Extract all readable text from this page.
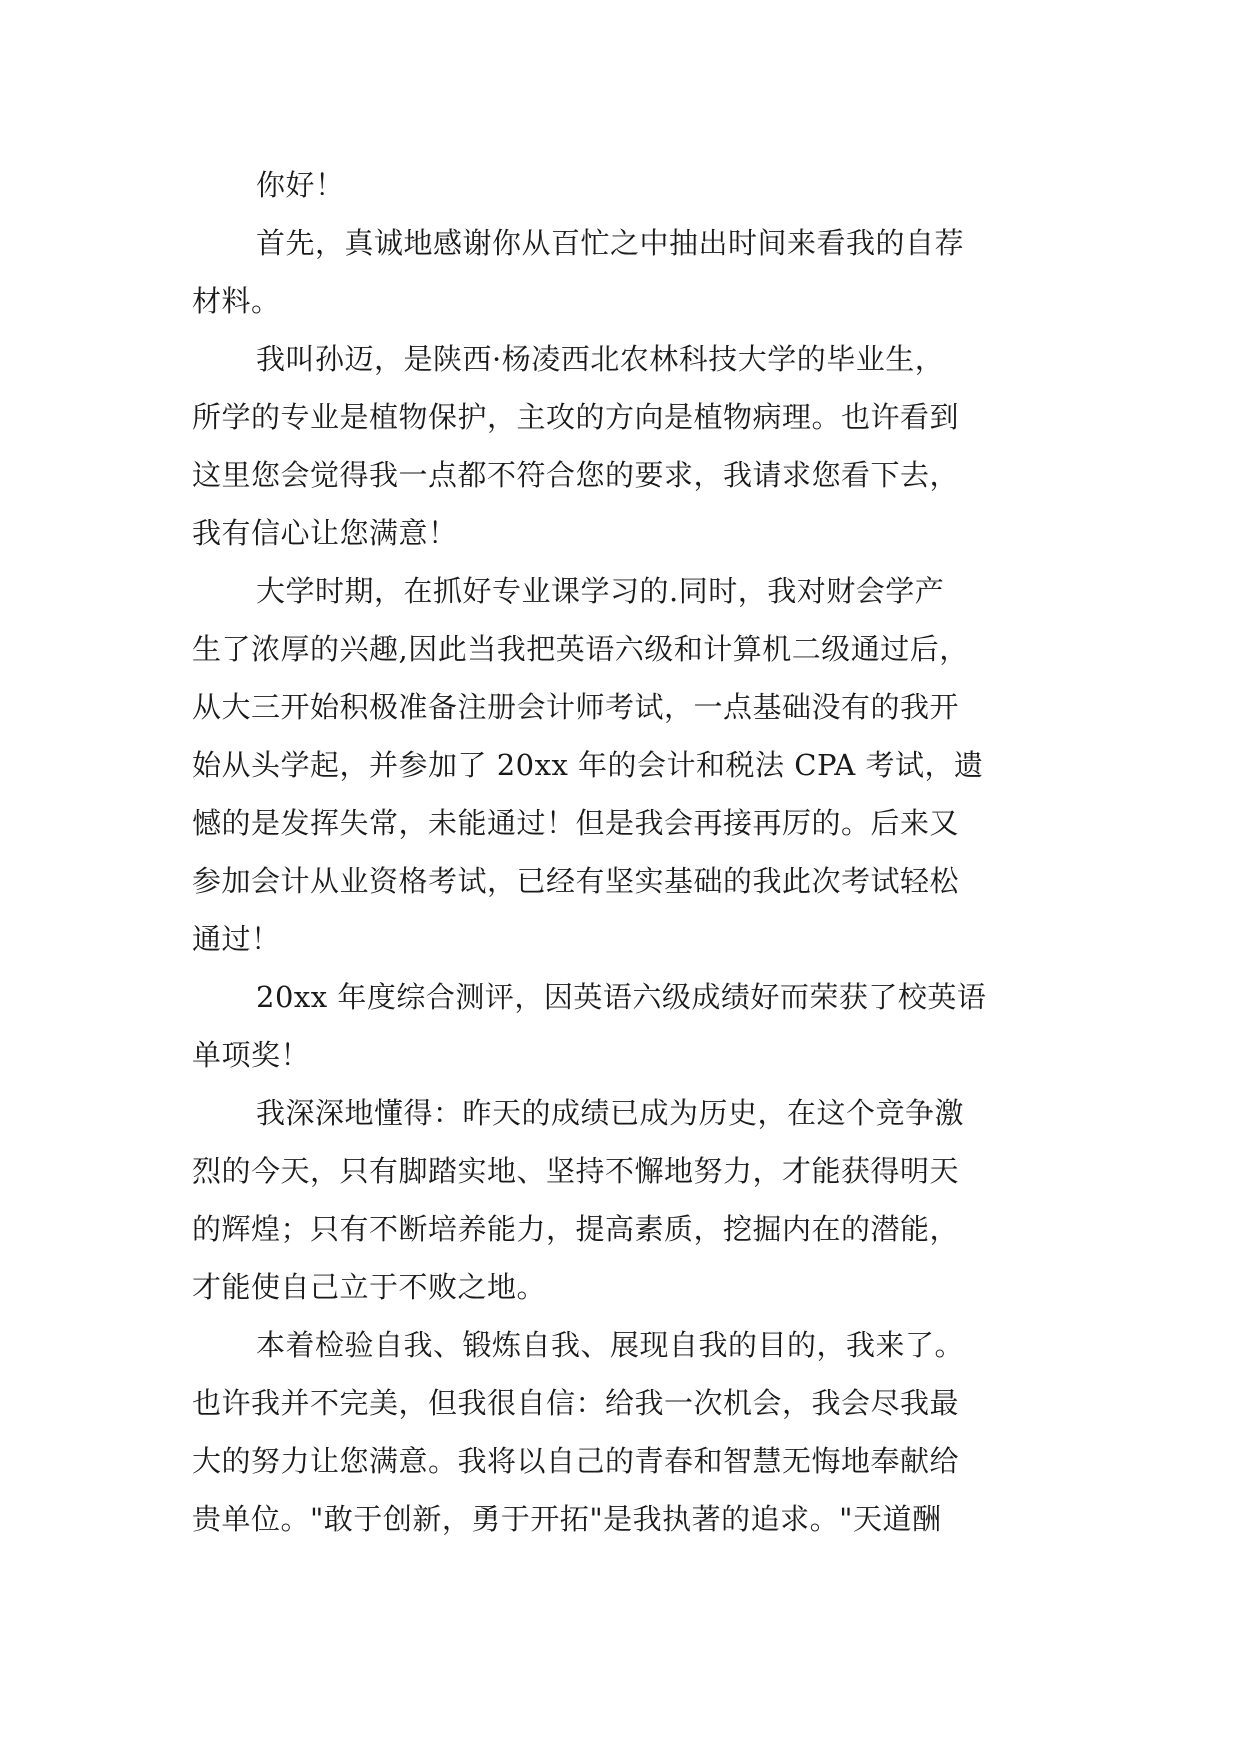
你好！
首先，真诚地感谢你从百忙之中抽出时间来看我的自荐
材料。
我叫孙迈，是陕西·杨凌西北农林科技大学的毕业生，
所学的专业是植物保护，主攻的方向是植物病理。也许看到
这里您会觉得我一点都不符合您的要求，我请求您看下去，
我有信心让您满意！
大学时期，在抓好专业课学习的.同时，我对财会学产
生了浓厚的兴趣,因此当我把英语六级和计算机二级通过后，
从大三开始积极准备注册会计师考试，一点基础没有的我开
始从头学起，并参加了 20xx 年的会计和税法 CPA 考试，遗
憾的是发挥失常，未能通过！但是我会再接再厉的。后来又
参加会计从业资格考试，已经有坚实基础的我此次考试轻松
通过！
20xx 年度综合测评，因英语六级成绩好而荣获了校英语
单项奖！
我深深地懂得：昨天的成绩已成为历史，在这个竞争激
烈的今天，只有脚踏实地、坚持不懈地努力，才能获得明天
的辉煌；只有不断培养能力，提高素质，挖掘内在的潜能，
才能使自己立于不败之地。
本着检验自我、锻炼自我、展现自我的目的，我来了。
也许我并不完美，但我很自信：给我一次机会，我会尽我最
大的努力让您满意。我将以自己的青春和智慧无悔地奉献给
贵单位。"敢于创新，勇于开拓"是我执著的追求。"天道酬
